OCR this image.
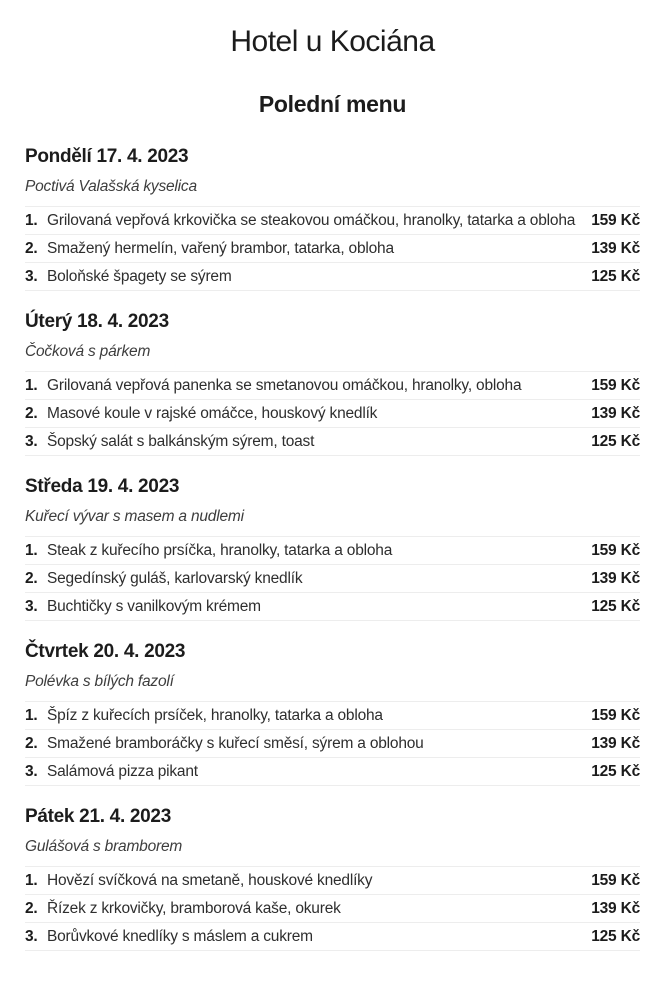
Hotel u Kociána
Polední menu
Pondělí 17. 4. 2023

Poctivá Valašská kyselica

1. Grilovaná vepřová krkovička se steakovou omáčkou, hranolky, tatarka a obloha	159 Kč
2. Smažený hermelín, vařený brambor, tatarka, obloha	139 Kč
3. Boloňské špagety se sýrem	125 Kč
Úterý 18. 4. 2023

Čočková s párkem

1. Grilovaná vepřová panenka se smetanovou omáčkou, hranolky, obloha	159 Kč
2. Masové koule v rajské omáčce, houskový knedlík	139 Kč
3. Šopský salát s balkánským sýrem, toast	125 Kč
Středa 19. 4. 2023

Kuřecí vývar s masem a nudlemi

1. Steak z kuřecího prsíčka, hranolky, tatarka a obloha	159 Kč
2. Segedínský guláš, karlovarský knedlík	139 Kč
3. Buchtičky s vanilkovým krémem	125 Kč
Čtvrtek 20. 4. 2023

Polévka s bílých fazolí

1. Špíz z kuřecích prsíček, hranolky, tatarka a obloha	159 Kč
2. Smažené bramboráčky s kuřecí směsí, sýrem a oblohou	139 Kč
3. Salámová pizza pikant	125 Kč
Pátek 21. 4. 2023

Gulášová s bramborem

1. Hovězí svíčková na smetaně, houskové knedlíky	159 Kč
2. Řízek z krkovičky, bramborová kaše, okurek	139 Kč
3. Borůvkové knedlíky s máslem a cukrem	125 Kč
